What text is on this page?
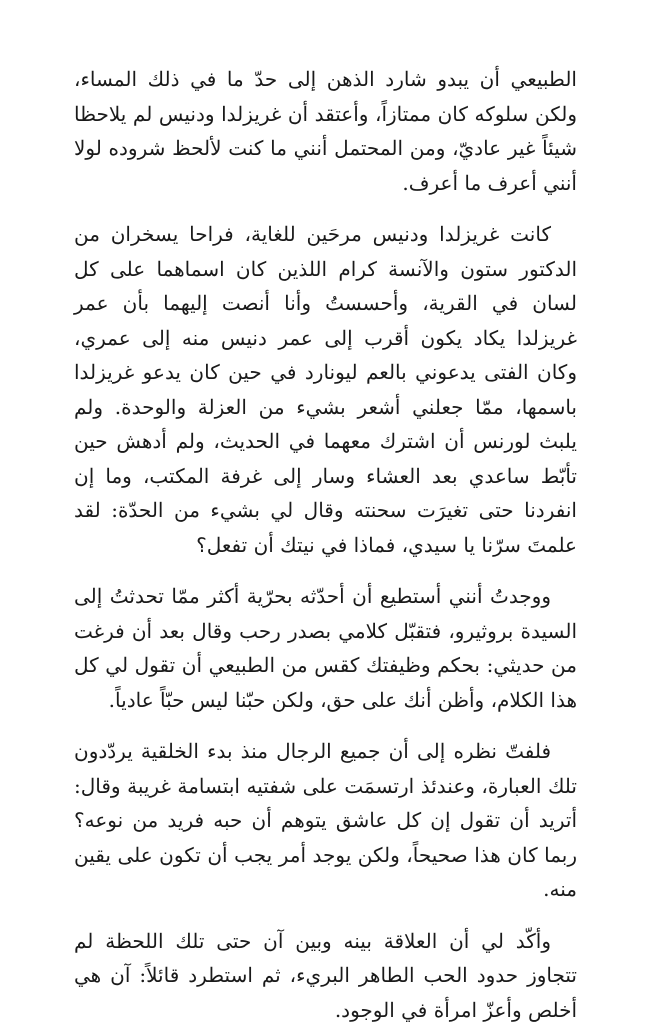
الطبيعي أن يبدو شارد الذهن إلى حدّ ما في ذلك المساء، ولكن سلوكه كان ممتازاً، وأعتقد أن غريزلدا ودنيس لم يلاحظا شيئاً غير عاديّ، ومن المحتمل أنني ما كنت لألحظ شروده لولا أنني أعرف ما أعرف.

كانت غريزلدا ودنيس مرحَين للغاية، فراحا يسخران من الدكتور ستون والآنسة كرام اللذين كان اسماهما على كل لسان في القرية، وأحسستُ وأنا أنصت إليهما بأن عمر غريزلدا يكاد يكون أقرب إلى عمر دنيس منه إلى عمري، وكان الفتى يدعوني بالعم ليونارد في حين كان يدعو غريزلدا باسمها، ممّا جعلني أشعر بشيء من العزلة والوحدة. ولم يلبث لورنس أن اشترك معهما في الحديث، ولم أدهش حين تأبّط ساعدي بعد العشاء وسار إلى غرفة المكتب، وما إن انفردنا حتى تغيرَت سحنته وقال لي بشيء من الحدّة: لقد علمتَ سرّنا يا سيدي، فماذا في نيتك أن تفعل؟

ووجدتُ أنني أستطيع أن أحدّثه بحرّية أكثر ممّا تحدثتُ إلى السيدة بروثيرو، فتقبّل كلامي بصدر رحب وقال بعد أن فرغت من حديثي: بحكم وظيفتك كقس من الطبيعي أن تقول لي كل هذا الكلام، وأظن أنك على حق، ولكن حبّنا ليس حبّاً عادياً.

فلفتّ نظره إلى أن جميع الرجال منذ بدء الخلقية يردّدون تلك العبارة، وعندئذ ارتسمَت على شفتيه ابتسامة غريبة وقال: أتريد أن تقول إن كل عاشق يتوهم أن حبه فريد من نوعه؟ ربما كان هذا صحيحاً، ولكن يوجد أمر يجب أن تكون على يقين منه.

وأكّد لي أن العلاقة بينه وبين آن حتى تلك اللحظة لم تتجاوز حدود الحب الطاهر البريء، ثم استطرد قائلاً: آن هي أخلص وأعزّ امرأة في الوجود.
